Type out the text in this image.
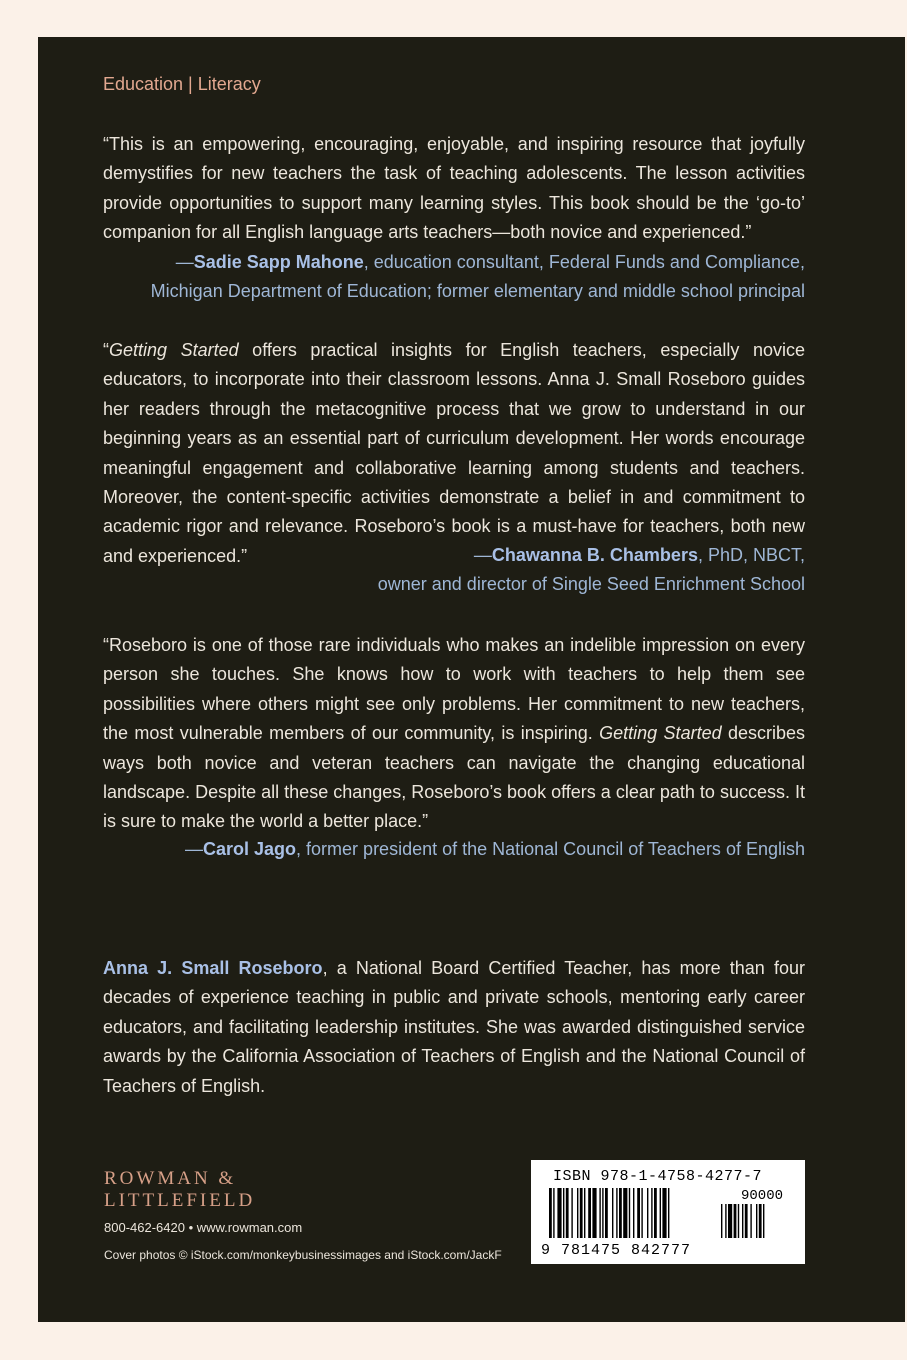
Education | Literacy

“This is an empowering, encouraging, enjoyable, and inspiring resource that joyfully demystifies for new teachers the task of teaching adolescents. The lesson activities provide opportunities to support many learning styles. This book should be the ‘go-to’ companion for all English language arts teachers—both novice and experienced.”

—Sadie Sapp Mahone, education consultant, Federal Funds and Compliance,
Michigan Department of Education; former elementary and middle school principal

“Getting Started offers practical insights for English teachers, especially novice educators, to incorporate into their classroom lessons. Anna J. Small Roseboro guides her readers through the metacognitive process that we grow to understand in our beginning years as an essential part of curriculum development. Her words encourage meaningful engagement and collaborative learning among students and teachers. Moreover, the content-specific activities demonstrate a belief in and commitment to academic rigor and relevance. Roseboro’s book is a must-have for teachers, both new and experienced.”	—Chawanna B. Chambers, PhD, NBCT,
owner and director of Single Seed Enrichment School

“Roseboro is one of those rare individuals who makes an indelible impression on every person she touches. She knows how to work with teachers to help them see possibilities where others might see only problems. Her commitment to new teachers, the most vulnerable members of our community, is inspiring. Getting Started describes ways both novice and veteran teachers can navigate the changing educational landscape. Despite all these changes, Roseboro’s book offers a clear path to success. It is sure to make the world a better place.”

—Carol Jago, former president of the National Council of Teachers of English

Anna J. Small Roseboro, a National Board Certified Teacher, has more than four decades of experience teaching in public and private schools, mentoring early career educators, and facilitating leadership institutes. She was awarded distinguished service awards by the California Association of Teachers of English and the National Council of Teachers of English.

ROWMAN &
LITTLEFIELD
800-462-6420 • www.rowman.com
Cover photos © iStock.com/monkeybusinessimages and iStock.com/JackF
ISBN 978-1-4758-4277-7
90000
9 781475 842777
